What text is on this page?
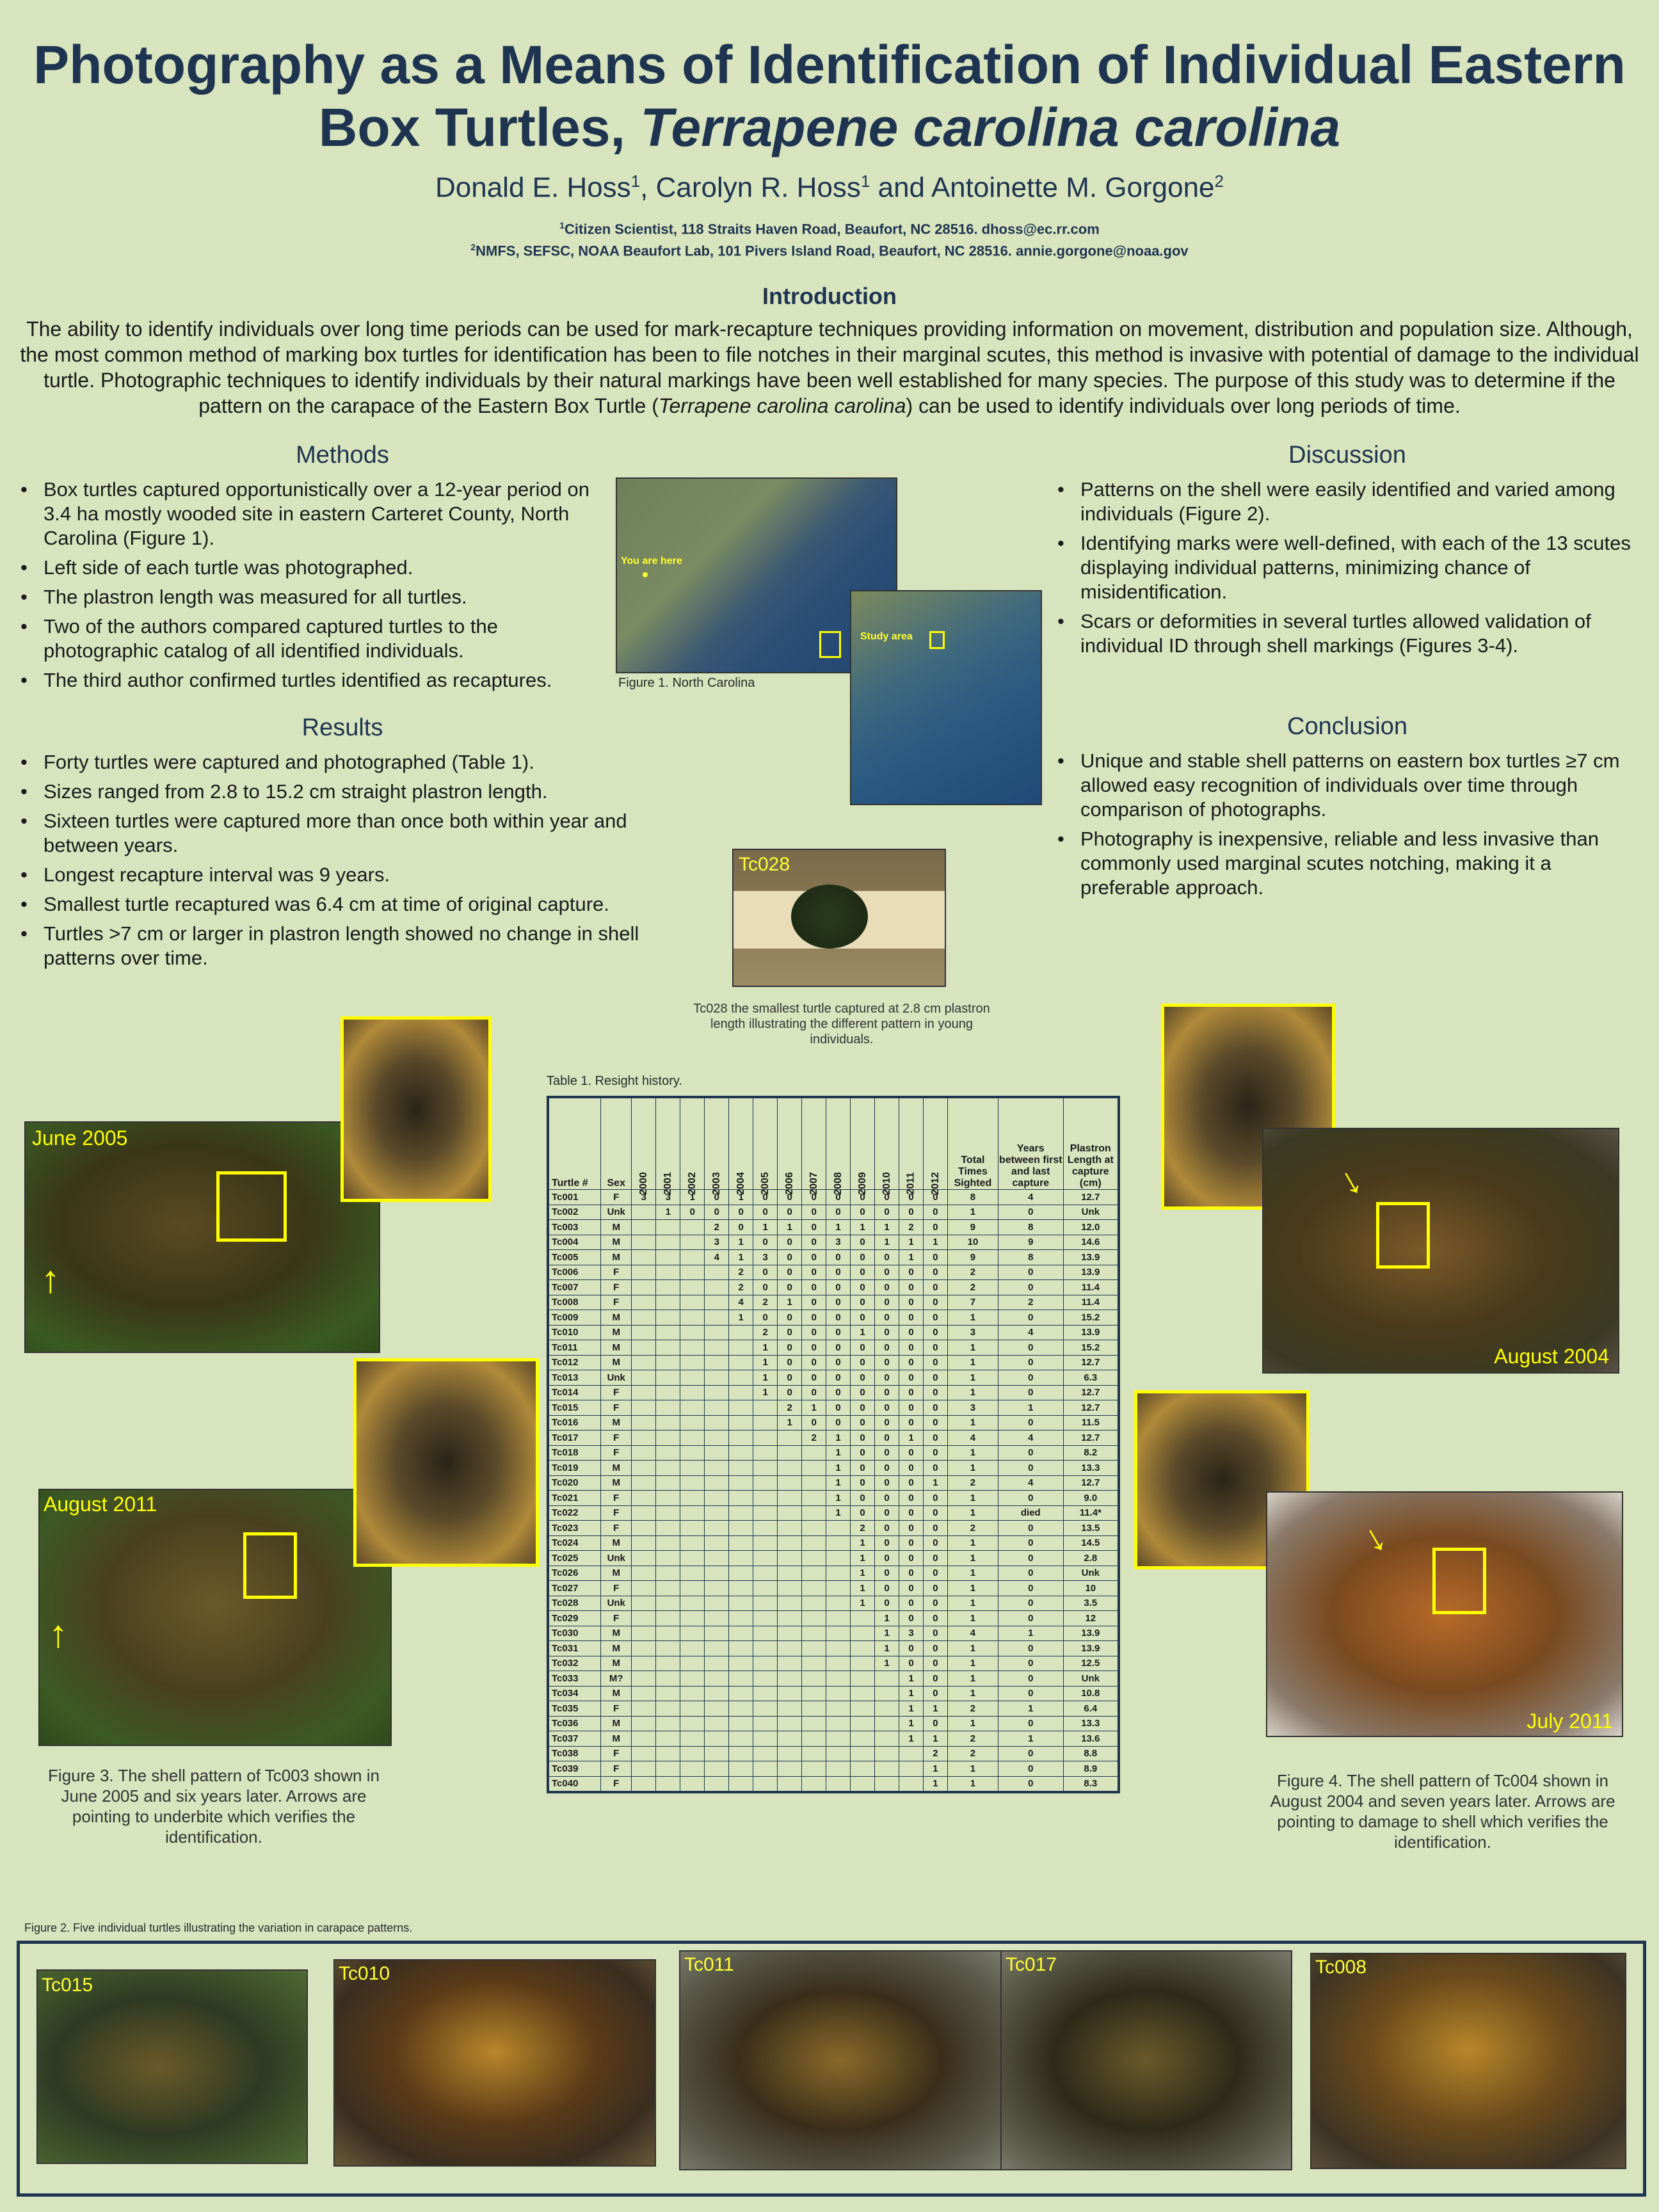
Photography as a Means of Identification of Individual Eastern
Box Turtles, Terrapene carolina carolina
Donald E. Hoss$^1$, Carolyn R. Hoss$^1$ and Antoinette M. Gorgone$^2$
$^1$Citizen Scientist, 118 Straits Haven Road, Beaufort, NC 28516. dhoss@ec.rr.com
$^2$NMFS, SEFSC, NOAA Beaufort Lab, 101 Pivers Island Road, Beaufort, NC 28516. annie.gorgone@noaa.gov
Introduction
The ability to identify individuals over long time periods can be used for mark-recapture techniques providing information on movement, distribution and population size. Although, the most common method of marking box turtles for identification has been to file notches in their marginal scutes, this method is invasive with potential of damage to the individual turtle. Photographic techniques to identify individuals by their natural markings have been well established for many species. The purpose of this study was to determine if the pattern on the carapace of the Eastern Box Turtle (Terrapene carolina carolina) can be used to identify individuals over long periods of time.
Methods
• Box turtles captured opportunistically over a 12-year period on 3.4 ha mostly wooded site in eastern Carteret County, North Carolina (Figure 1).
• Left side of each turtle was photographed.
• The plastron length was measured for all turtles.
• Two of the authors compared captured turtles to the photographic catalog of all identified individuals.
• The third author confirmed turtles identified as recaptures.
Results
• Forty turtles were captured and photographed (Table 1).
• Sizes ranged from 2.8 to 15.2 cm straight plastron length.
• Sixteen turtles were captured more than once both within year and between years.
• Longest recapture interval was 9 years.
• Smallest turtle recaptured was 6.4 cm at time of original capture.
• Turtles >7 cm or larger in plastron length showed no change in shell patterns over time.
You are here
Figure 1. North Carolina
Study area
Tc028
Tc028 the smallest turtle captured at 2.8 cm plastron length illustrating the different pattern in young individuals.
Discussion
• Patterns on the shell were easily identified and varied among individuals (Figure 2).
• Identifying marks were well-defined, with each of the 13 scutes displaying individual patterns, minimizing chance of misidentification.
• Scars or deformities in several turtles allowed validation of individual ID through shell markings (Figures 3-4).
Conclusion
• Unique and stable shell patterns on eastern box turtles ≥7 cm allowed easy recognition of individuals over time through comparison of photographs.
• Photography is inexpensive, reliable and less invasive than commonly used marginal scutes notching, making it a preferable approach.
June 2005
↑
August 2011
↑
Figure 3. The shell pattern of Tc003 shown in June 2005 and six years later. Arrows are pointing to underbite which verifies the identification.
↓
August 2004
↓
July 2011
Figure 4. The shell pattern of Tc004 shown in August 2004 and seven years later. Arrows are pointing to damage to shell which verifies the identification.
Table 1. Resight history.
Turtle #	Sex	2000	2001	2002	2003	2004	2005	2006	2007	2008	2009	2010	2011	2012	Total Times Sighted	Years between first and last capture	Plastron Length at capture (cm)
Tc001	F	3	3	1	0	1	0	0	0	0	0	0	0	0	8	4	12.7
Tc002	Unk		1	0	0	0	0	0	0	0	0	0	0	0	1	0	Unk
Tc003	M				2	0	1	1	0	1	1	1	2	0	9	8	12.0
Tc004	M				3	1	0	0	0	3	0	1	1	1	10	9	14.6
Tc005	M				4	1	3	0	0	0	0	0	1	0	9	8	13.9
Tc006	F					2	0	0	0	0	0	0	0	0	2	0	13.9
Tc007	F					2	0	0	0	0	0	0	0	0	2	0	11.4
Tc008	F					4	2	1	0	0	0	0	0	0	7	2	11.4
Tc009	M					1	0	0	0	0	0	0	0	0	1	0	15.2
Tc010	M						2	0	0	0	1	0	0	0	3	4	13.9
Tc011	M						1	0	0	0	0	0	0	0	1	0	15.2
Tc012	M						1	0	0	0	0	0	0	0	1	0	12.7
Tc013	Unk						1	0	0	0	0	0	0	0	1	0	6.3
Tc014	F						1	0	0	0	0	0	0	0	1	0	12.7
Tc015	F							2	1	0	0	0	0	0	3	1	12.7
Tc016	M							1	0	0	0	0	0	0	1	0	11.5
Tc017	F								2	1	0	0	1	0	4	4	12.7
Tc018	F									1	0	0	0	0	1	0	8.2
Tc019	M									1	0	0	0	0	1	0	13.3
Tc020	M									1	0	0	0	1	2	4	12.7
Tc021	F									1	0	0	0	0	1	0	9.0
Tc022	F									1	0	0	0	0	1	died	11.4*
Tc023	F										2	0	0	0	2	0	13.5
Tc024	M										1	0	0	0	1	0	14.5
Tc025	Unk										1	0	0	0	1	0	2.8
Tc026	M										1	0	0	0	1	0	Unk
Tc027	F										1	0	0	0	1	0	10
Tc028	Unk										1	0	0	0	1	0	3.5
Tc029	F											1	0	0	1	0	12
Tc030	M											1	3	0	4	1	13.9
Tc031	M											1	0	0	1	0	13.9
Tc032	M											1	0	0	1	0	12.5
Tc033	M?												1	0	1	0	Unk
Tc034	M												1	0	1	0	10.8
Tc035	F												1	1	2	1	6.4
Tc036	M												1	0	1	0	13.3
Tc037	M												1	1	2	1	13.6
Tc038	F													2	2	0	8.8
Tc039	F													1	1	0	8.9
Tc040	F													1	1	0	8.3
Figure 2. Five individual turtles illustrating the variation in carapace patterns.
Tc015
Tc010	Tc011	Tc017	Tc008
